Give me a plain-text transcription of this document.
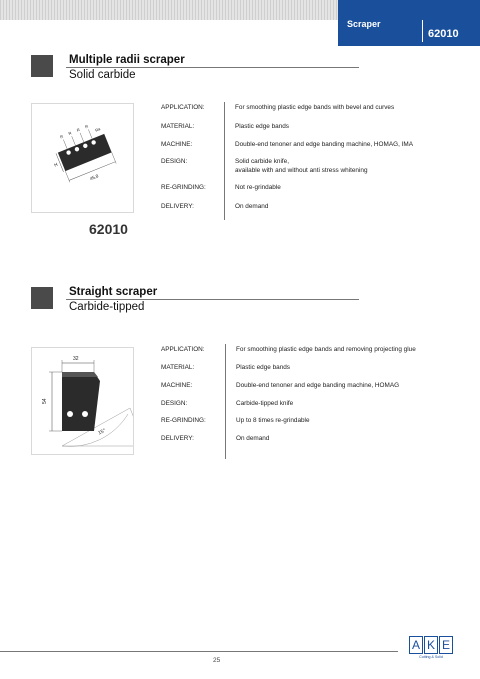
Scraper
62010
Multiple radii scraper
Solid carbide
H
45,8
R
R
R
R Ra
62010
APPLICATION:	For smoothing plastic edge bands with bevel and curves
MATERIAL:	Plastic edge bands
MACHINE:	Double-end tenoner and edge banding machine, HOMAG, IMA
DESIGN:	Solid carbide knife,
available with and without anti stress whitening
RE-GRINDING:	Not re-grindable
DELIVERY:	On demand
Straight scraper
Carbide-tipped
32
54
15°
APPLICATION:	For smoothing plastic edge bands and removing projecting glue
MATERIAL:	Plastic edge bands
MACHINE:	Double-end tenoner and edge banding machine, HOMAG
DESIGN:	Carbide-tipped knife
RE-GRINDING:	Up to 8 times re-grindable
DELIVERY:	On demand
25
A K E
Cutting & Solid
